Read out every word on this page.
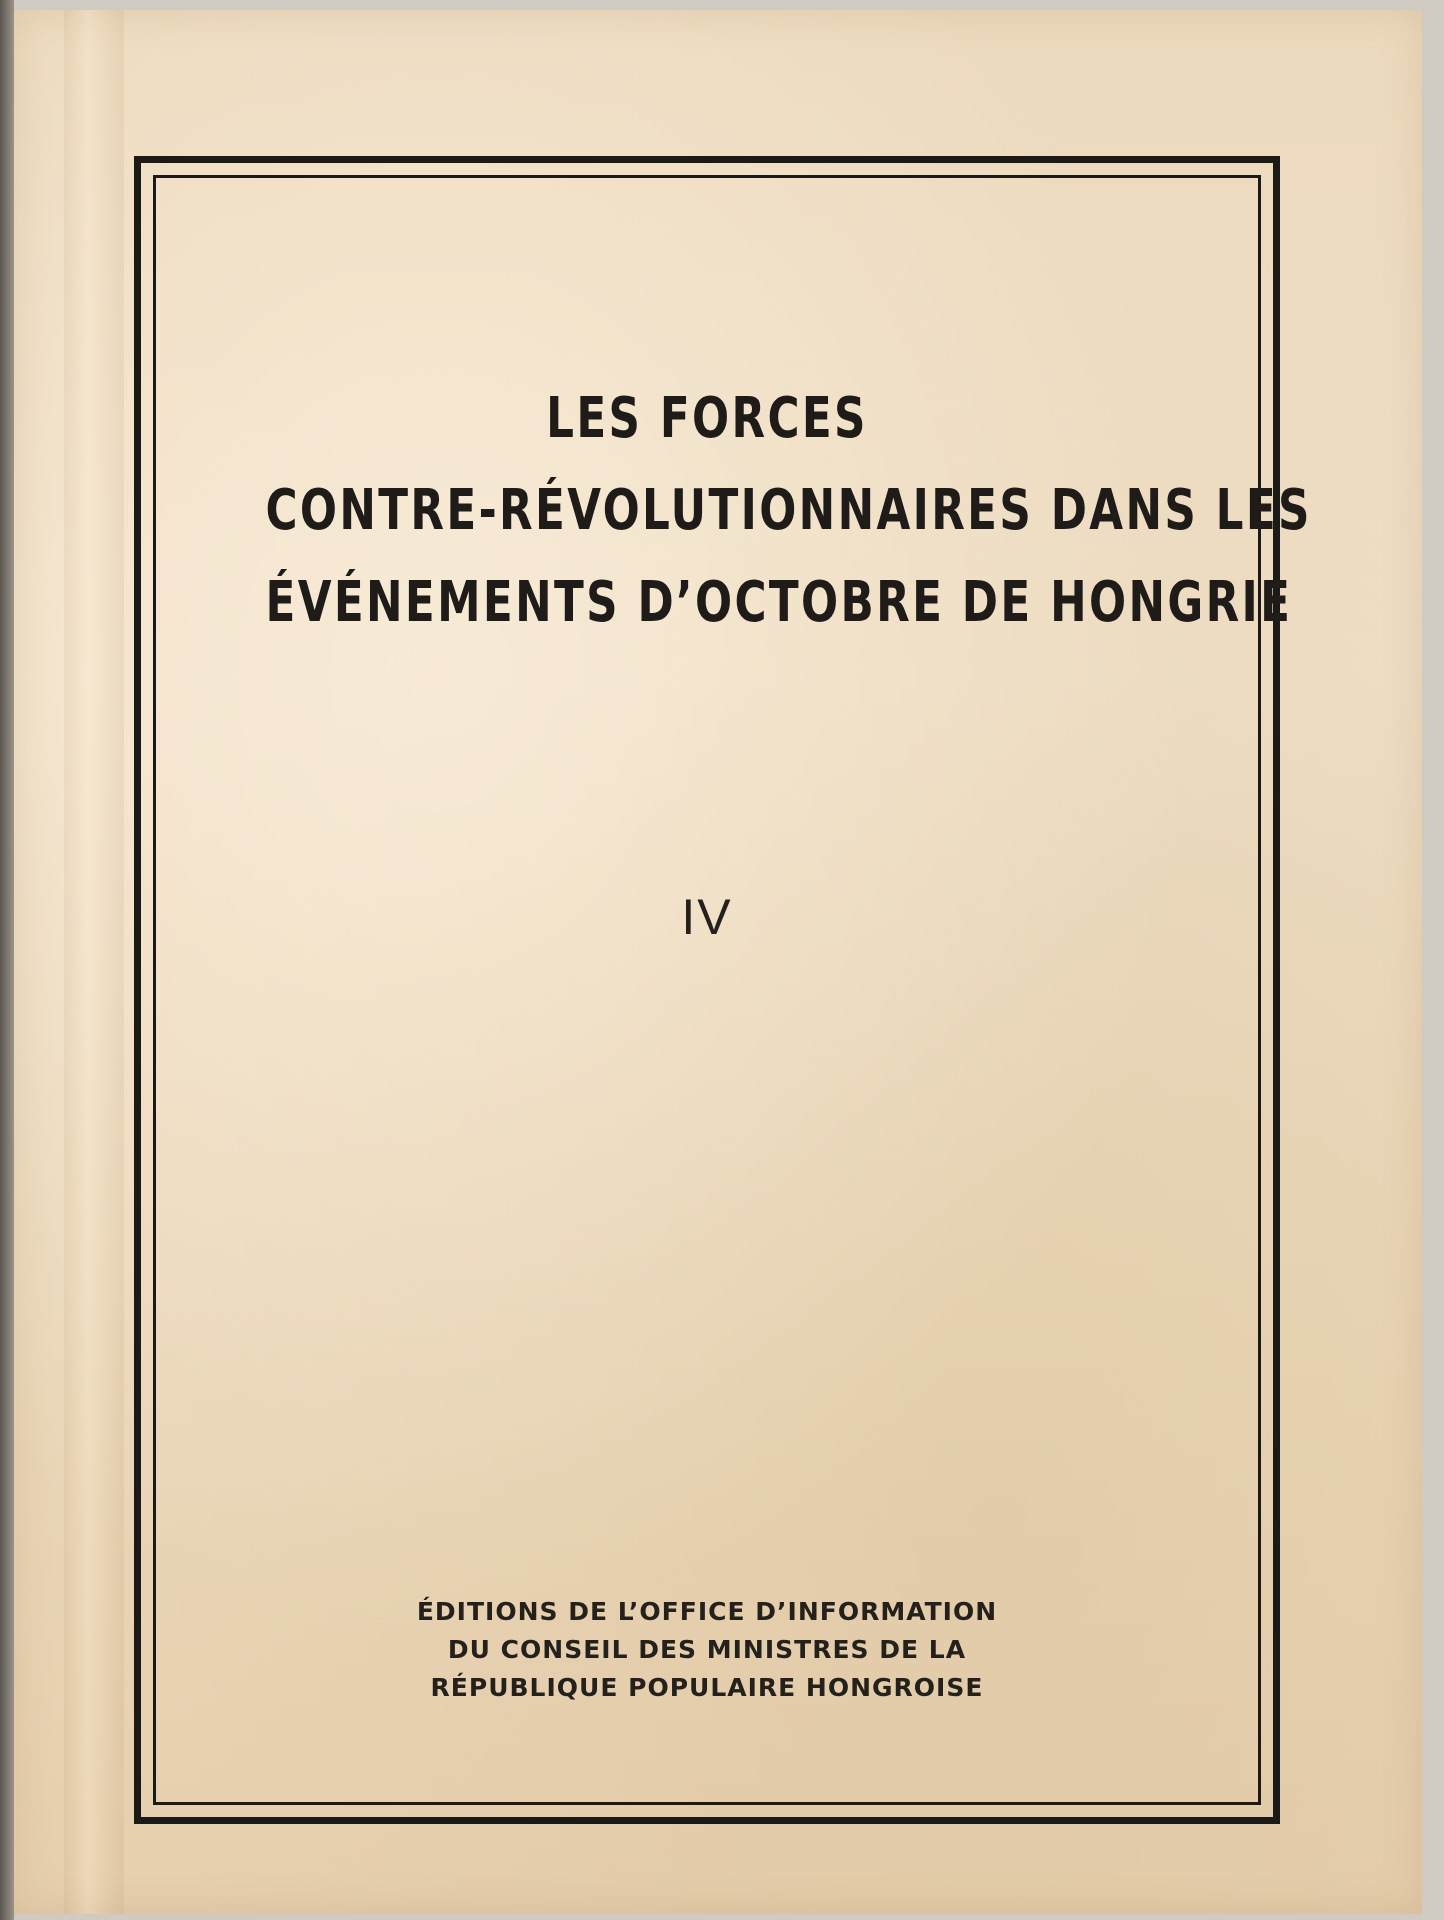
LES FORCES
CONTRE-RÉVOLUTIONNAIRES DANS LES
ÉVÉNEMENTS D’OCTOBRE DE HONGRIE
IV
ÉDITIONS DE L’OFFICE D’INFORMATION
DU CONSEIL DES MINISTRES DE LA
RÉPUBLIQUE POPULAIRE HONGROISE
